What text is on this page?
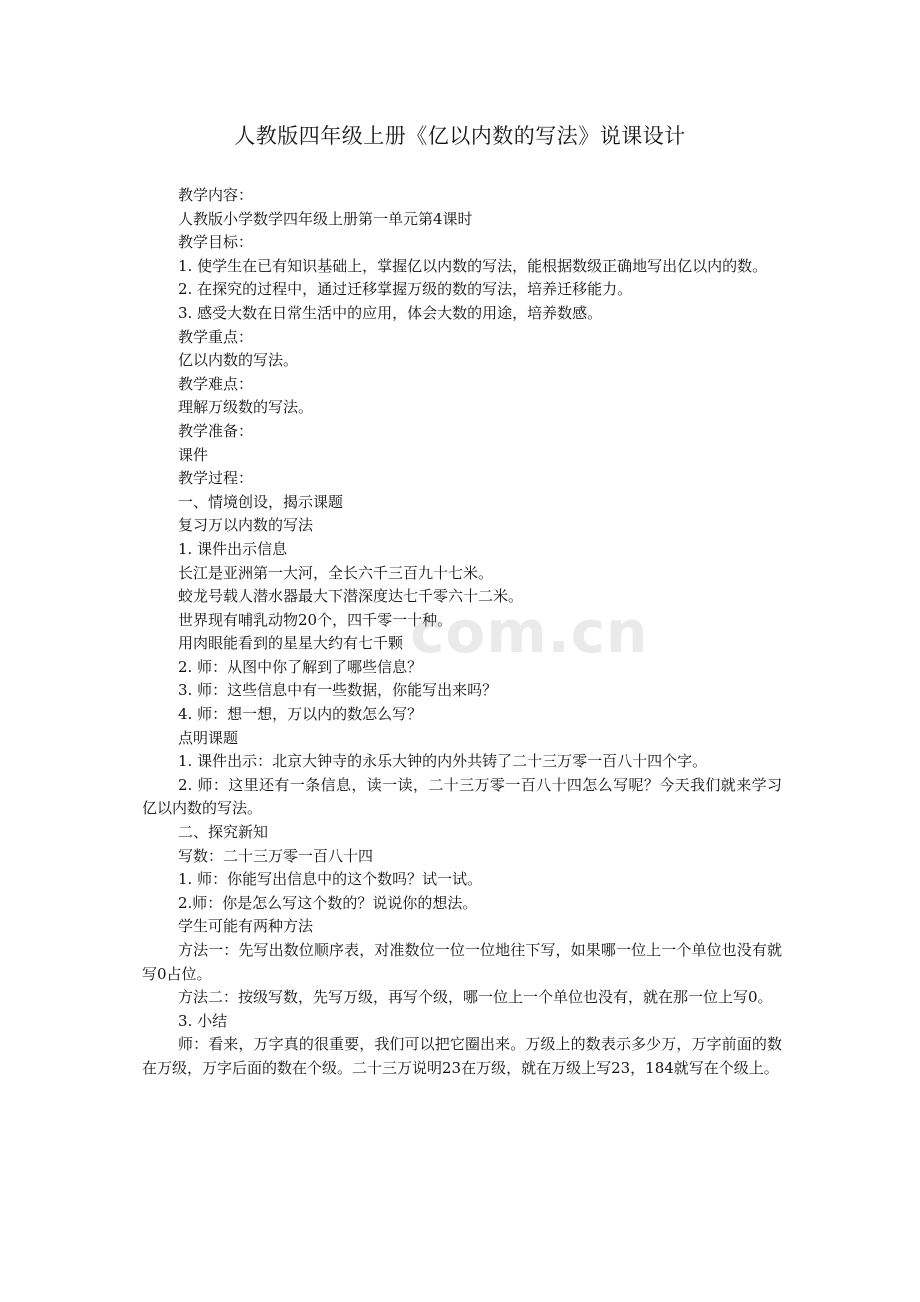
人教版四年级上册《亿以内数的写法》说课设计

教学内容：

人教版小学数学四年级上册第一单元第4课时

教学目标：

1. 使学生在已有知识基础上，掌握亿以内数的写法，能根据数级正确地写出亿以内的数。

2. 在探究的过程中，通过迁移掌握万级的数的写法，培养迁移能力。

3. 感受大数在日常生活中的应用，体会大数的用途，培养数感。

教学重点：

亿以内数的写法。

教学难点：

理解万级数的写法。

教学准备：

课件

教学过程：

一、情境创设，揭示课题

复习万以内数的写法

1. 课件出示信息

长江是亚洲第一大河，全长六千三百九十七米。

蛟龙号载人潜水器最大下潜深度达七千零六十二米。

世界现有哺乳动物20个，四千零一十种。

用肉眼能看到的星星大约有七千颗

2. 师：从图中你了解到了哪些信息？

3. 师：这些信息中有一些数据，你能写出来吗？

4. 师：想一想，万以内的数怎么写？

点明课题

1. 课件出示：北京大钟寺的永乐大钟的内外共铸了二十三万零一百八十四个字。

2. 师：这里还有一条信息，读一读，二十三万零一百八十四怎么写呢？今天我们就来学习亿以内数的写法。

二、探究新知

写数：二十三万零一百八十四

1. 师：你能写出信息中的这个数吗？试一试。

2.师：你是怎么写这个数的？说说你的想法。

学生可能有两种方法

方法一：先写出数位顺序表，对准数位一位一位地往下写，如果哪一位上一个单位也没有就写0占位。

方法二：按级写数，先写万级，再写个级，哪一位上一个单位也没有，就在那一位上写0。

3. 小结

师：看来，万字真的很重要，我们可以把它圈出来。万级上的数表示多少万，万字前面的数在万级，万字后面的数在个级。二十三万说明23在万级，就在万级上写23，184就写在个级上。

com.cn
